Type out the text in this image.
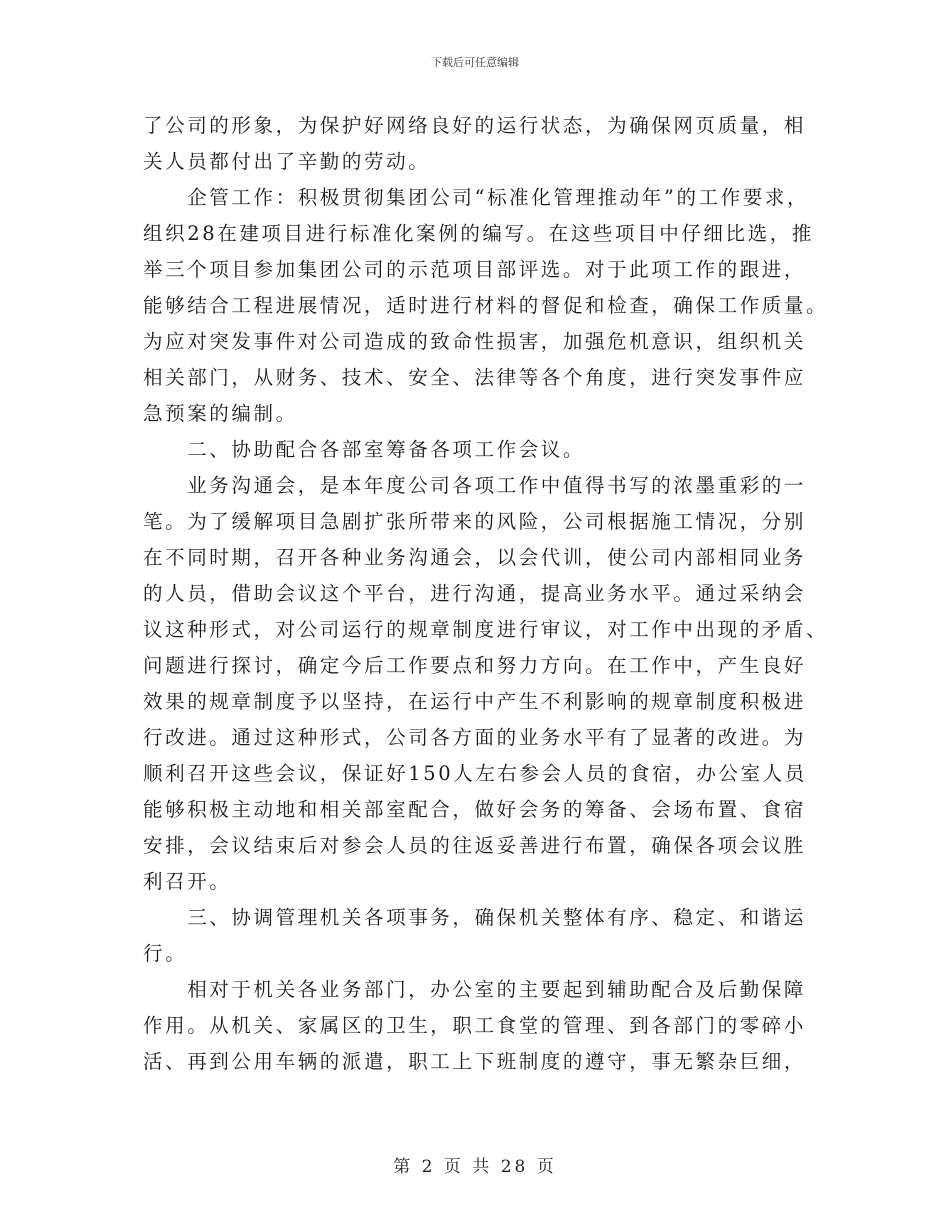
下载后可任意编辑
了公司的形象，为保护好网络良好的运行状态，为确保网页质量，相
关人员都付出了辛勤的劳动。
　　企管工作：积极贯彻集团公司“标准化管理推动年”的工作要求，
组织28在建项目进行标准化案例的编写。在这些项目中仔细比选，推
举三个项目参加集团公司的示范项目部评选。对于此项工作的跟进，
能够结合工程进展情况，适时进行材料的督促和检查，确保工作质量。
为应对突发事件对公司造成的致命性损害，加强危机意识，组织机关
相关部门，从财务、技术、安全、法律等各个角度，进行突发事件应
急预案的编制。
　　二、协助配合各部室筹备各项工作会议。
　　业务沟通会，是本年度公司各项工作中值得书写的浓墨重彩的一
笔。为了缓解项目急剧扩张所带来的风险，公司根据施工情况，分别
在不同时期，召开各种业务沟通会，以会代训，使公司内部相同业务
的人员，借助会议这个平台，进行沟通，提高业务水平。通过采纳会
议这种形式，对公司运行的规章制度进行审议，对工作中出现的矛盾、
问题进行探讨，确定今后工作要点和努力方向。在工作中，产生良好
效果的规章制度予以坚持，在运行中产生不利影响的规章制度积极进
行改进。通过这种形式，公司各方面的业务水平有了显著的改进。为
顺利召开这些会议，保证好150人左右参会人员的食宿，办公室人员
能够积极主动地和相关部室配合，做好会务的筹备、会场布置、食宿
安排，会议结束后对参会人员的往返妥善进行布置，确保各项会议胜
利召开。
　　三、协调管理机关各项事务，确保机关整体有序、稳定、和谐运
行。
　　相对于机关各业务部门，办公室的主要起到辅助配合及后勤保障
作用。从机关、家属区的卫生，职工食堂的管理、到各部门的零碎小
活、再到公用车辆的派遣，职工上下班制度的遵守，事无繁杂巨细，
第 2 页 共 28 页
